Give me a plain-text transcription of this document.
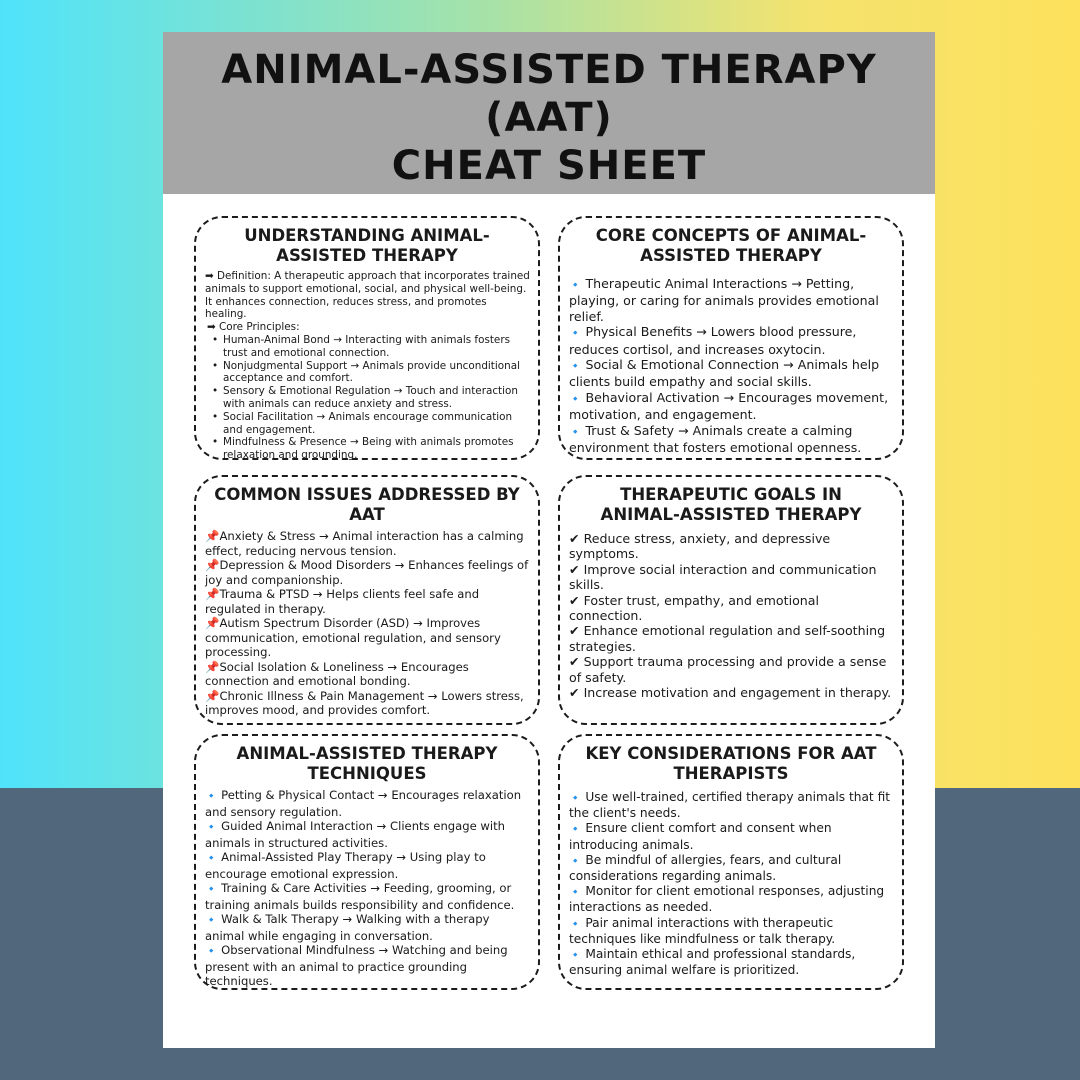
ANIMAL-ASSISTED THERAPY
(AAT)
CHEAT SHEET
UNDERSTANDING ANIMAL-ASSISTED THERAPY

➡ Definition: A therapeutic approach that incorporates trained animals to support emotional, social, and physical well-being. It enhances connection, reduces stress, and promotes healing.

➡ Core Principles:

• Human-Animal Bond → Interacting with animals fosters trust and emotional connection.
• Nonjudgmental Support → Animals provide unconditional acceptance and comfort.
• Sensory & Emotional Regulation → Touch and interaction with animals can reduce anxiety and stress.
• Social Facilitation → Animals encourage communication and engagement.
• Mindfulness & Presence → Being with animals promotes relaxation and grounding.
CORE CONCEPTS OF ANIMAL-ASSISTED THERAPY

🔹 Therapeutic Animal Interactions → Petting, playing, or caring for animals provides emotional relief.

🔹 Physical Benefits → Lowers blood pressure, reduces cortisol, and increases oxytocin.

🔹 Social & Emotional Connection → Animals help clients build empathy and social skills.

🔹 Behavioral Activation → Encourages movement, motivation, and engagement.

🔹 Trust & Safety → Animals create a calming environment that fosters emotional openness.

COMMON ISSUES ADDRESSED BY AAT

📌Anxiety & Stress → Animal interaction has a calming effect, reducing nervous tension.

📌Depression & Mood Disorders → Enhances feelings of joy and companionship.

📌Trauma & PTSD → Helps clients feel safe and regulated in therapy.

📌Autism Spectrum Disorder (ASD) → Improves communication, emotional regulation, and sensory processing.

📌Social Isolation & Loneliness → Encourages connection and emotional bonding.

📌Chronic Illness & Pain Management → Lowers stress, improves mood, and provides comfort.

THERAPEUTIC GOALS IN ANIMAL-ASSISTED THERAPY

✔ Reduce stress, anxiety, and depressive symptoms.

✔ Improve social interaction and communication skills.

✔ Foster trust, empathy, and emotional connection.

✔ Enhance emotional regulation and self-soothing strategies.

✔ Support trauma processing and provide a sense of safety.

✔ Increase motivation and engagement in therapy.

ANIMAL-ASSISTED THERAPY TECHNIQUES

🔹 Petting & Physical Contact → Encourages relaxation and sensory regulation.

🔹 Guided Animal Interaction → Clients engage with animals in structured activities.

🔹 Animal-Assisted Play Therapy → Using play to encourage emotional expression.

🔹 Training & Care Activities → Feeding, grooming, or training animals builds responsibility and confidence.

🔹 Walk & Talk Therapy → Walking with a therapy animal while engaging in conversation.

🔹 Observational Mindfulness → Watching and being present with an animal to practice grounding techniques.

KEY CONSIDERATIONS FOR AAT THERAPISTS

🔹 Use well-trained, certified therapy animals that fit the client's needs.

🔹 Ensure client comfort and consent when introducing animals.

🔹 Be mindful of allergies, fears, and cultural considerations regarding animals.

🔹 Monitor for client emotional responses, adjusting interactions as needed.

🔹 Pair animal interactions with therapeutic techniques like mindfulness or talk therapy.

🔹 Maintain ethical and professional standards, ensuring animal welfare is prioritized.
